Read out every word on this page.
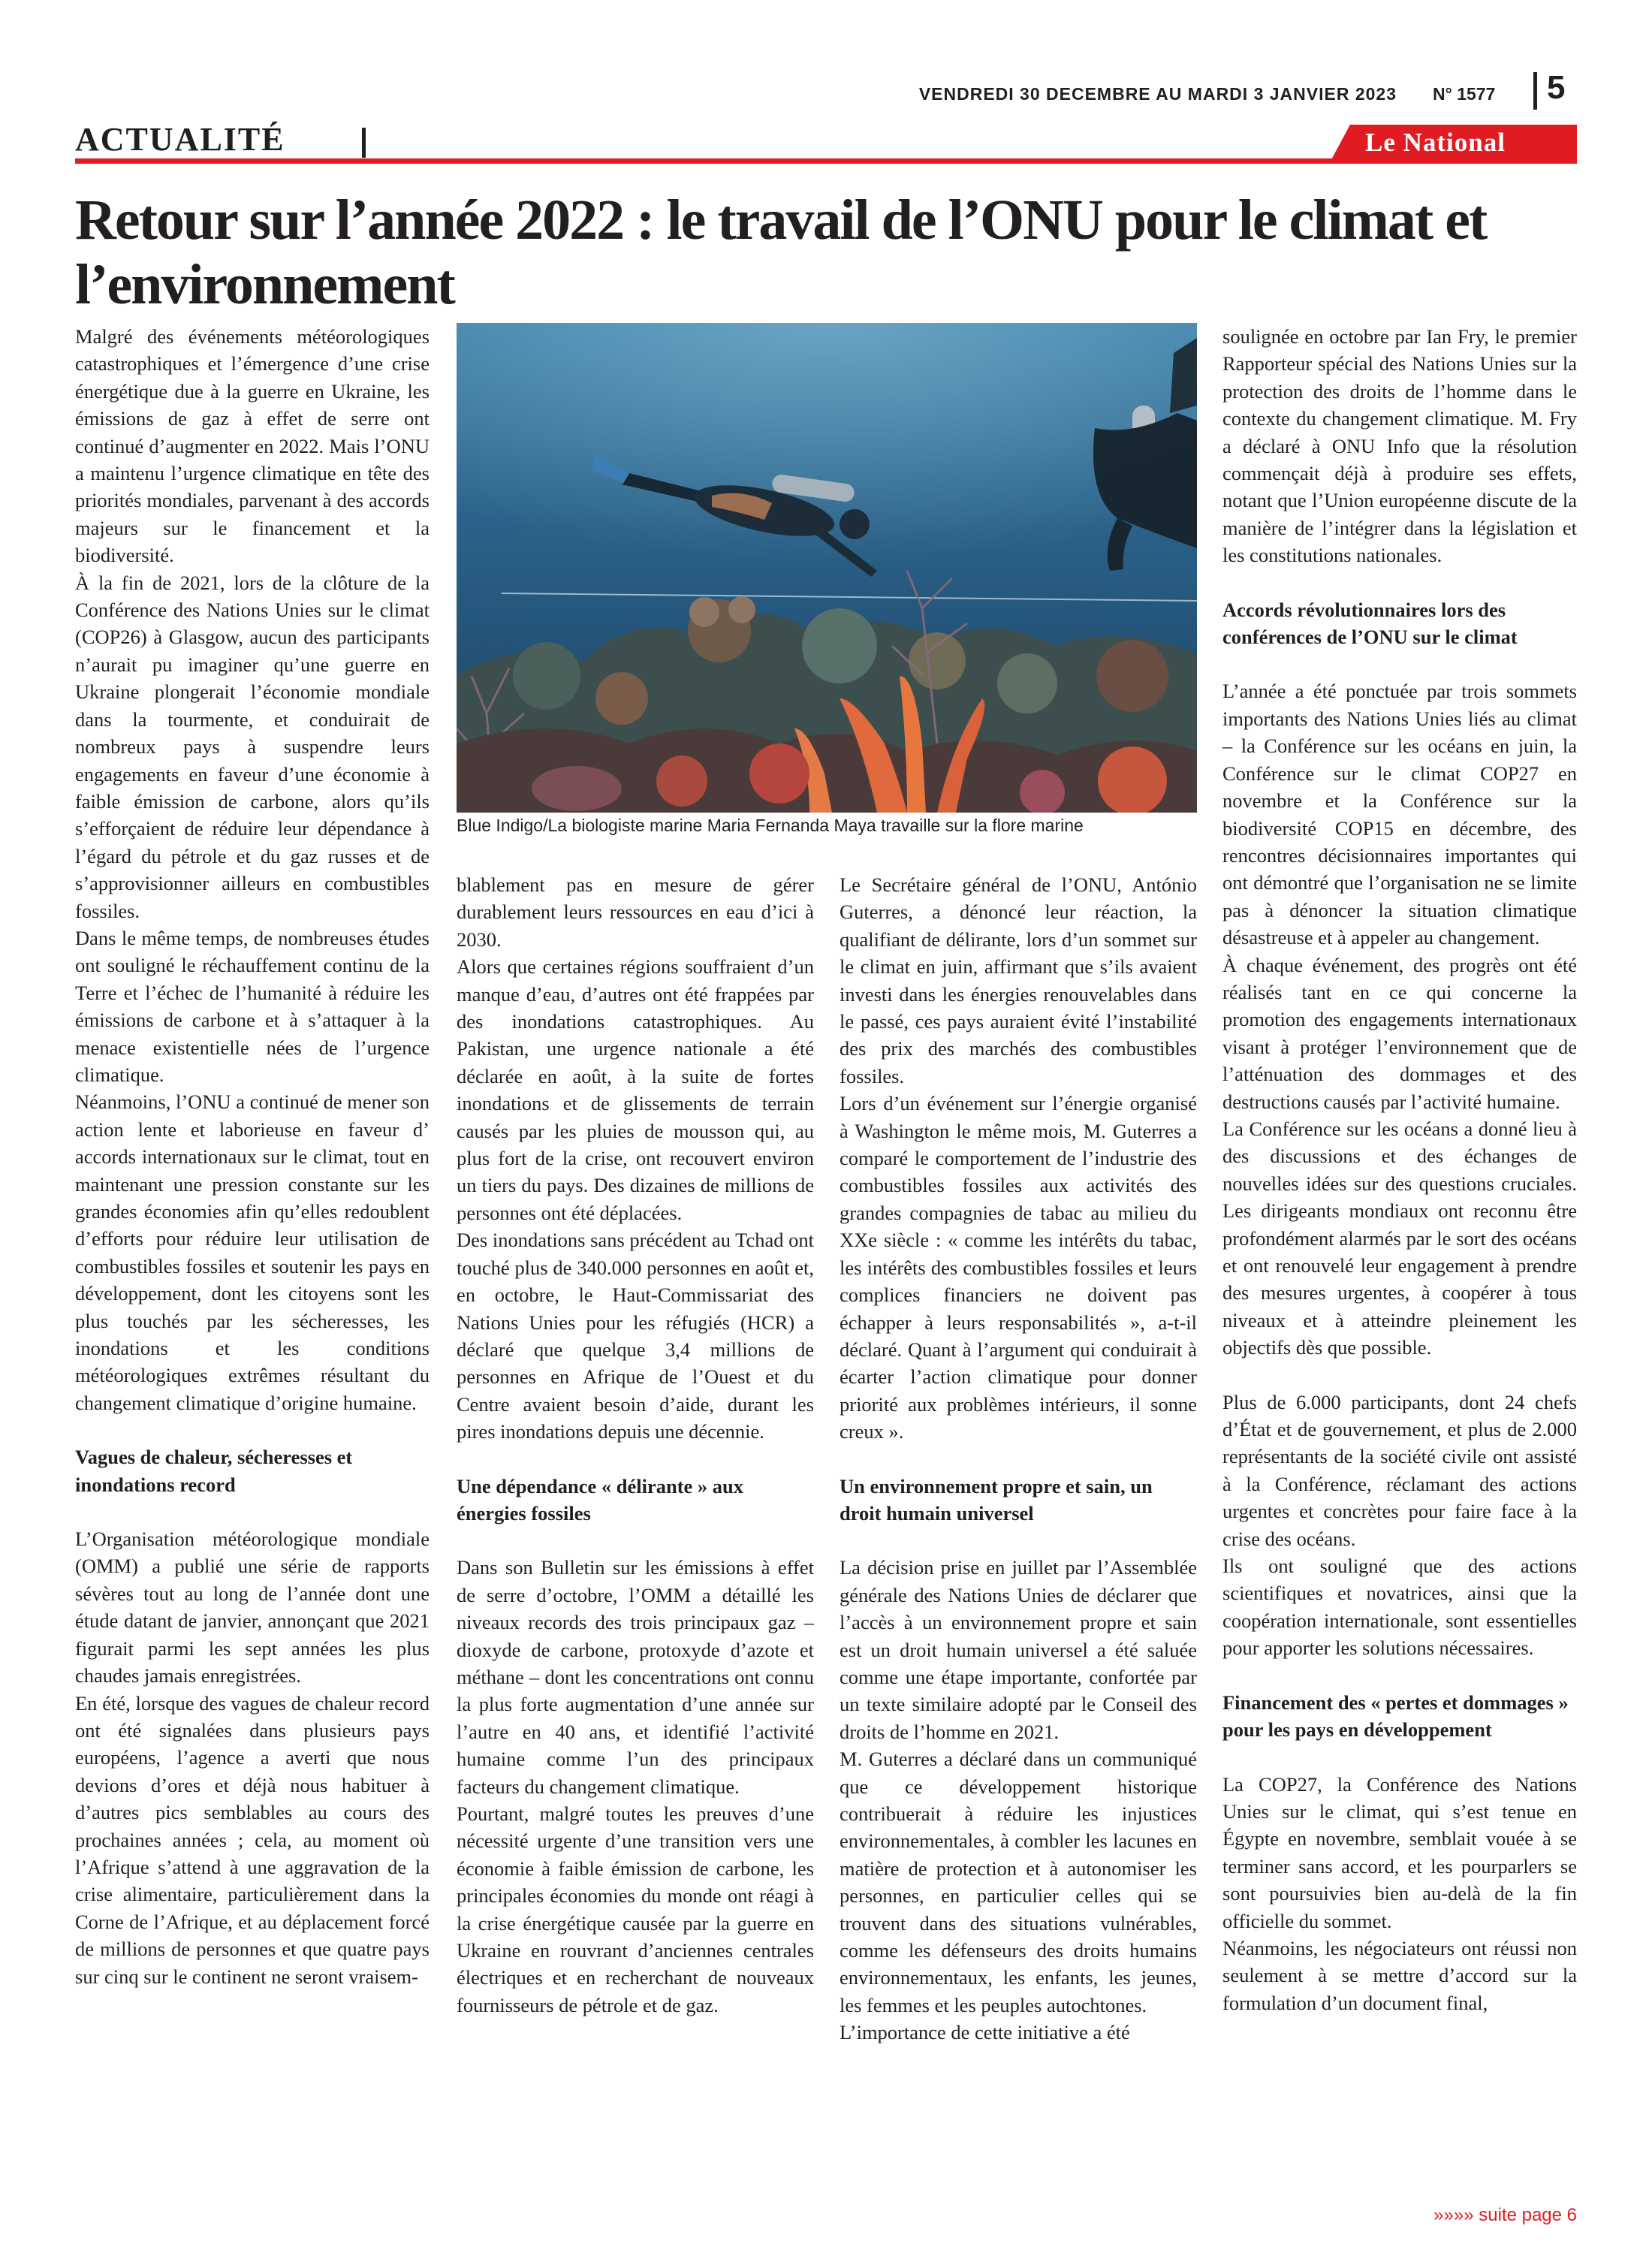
VENDREDI 30 DECEMBRE AU MARDI 3 JANVIER 2023 N° 1577 5
ACTUALITÉ	Le National
Retour sur l’année 2022 : le travail de l’ONU pour le climat et l’environnement

Malgré des événements météorologiques catastrophiques et l’émergence d’une crise énergétique due à la guerre en Ukraine, les émissions de gaz à effet de serre ont continué d’augmenter en 2022. Mais l’ONU a maintenu l’urgence climatique en tête des priorités mondiales, parvenant à des accords majeurs sur le financement et la biodiversité.

À la fin de 2021, lors de la clôture de la Conférence des Nations Unies sur le climat (COP26) à Glasgow, aucun des participants n’aurait pu imaginer qu’une guerre en Ukraine plongerait l’économie mondiale dans la tourmente, et conduirait de nombreux pays à suspendre leurs engagements en faveur d’une économie à faible émission de carbone, alors qu’ils s’efforçaient de réduire leur dépendance à l’égard du pétrole et du gaz russes et de s’approvisionner ailleurs en combustibles fossiles.

Dans le même temps, de nombreuses études ont souligné le réchauffement continu de la Terre et l’échec de l’humanité à réduire les émissions de carbone et à s’attaquer à la menace existentielle nées de l’urgence climatique.

Néanmoins, l’ONU a continué de mener son action lente et laborieuse en faveur d’ accords internationaux sur le climat, tout en maintenant une pression constante sur les grandes économies afin qu’elles redoublent d’efforts pour réduire leur utilisation de combustibles fossiles et soutenir les pays en développement, dont les citoyens sont les plus touchés par les sécheresses, les inondations et les conditions météorologiques extrêmes résultant du changement climatique d’origine humaine.

Vagues de chaleur, sécheresses et inondations record

L’Organisation météorologique mondiale (OMM) a publié une série de rapports sévères tout au long de l’année dont une étude datant de janvier, annonçant que 2021 figurait parmi les sept années les plus chaudes jamais enregistrées.

En été, lorsque des vagues de chaleur record ont été signalées dans plusieurs pays européens, l’agence a averti que nous devions d’ores et déjà nous habituer à d’autres pics semblables au cours des prochaines années ; cela, au moment où l’Afrique s’attend à une aggravation de la crise alimentaire, particulièrement dans la Corne de l’Afrique, et au déplacement forcé de millions de personnes et que quatre pays sur cinq sur le continent ne seront vraisem-

Blue Indigo/La biologiste marine Maria Fernanda Maya travaille sur la flore marine

blablement pas en mesure de gérer durablement leurs ressources en eau d’ici à 2030.

Alors que certaines régions souffraient d’un manque d’eau, d’autres ont été frappées par des inondations catastrophiques. Au Pakistan, une urgence nationale a été déclarée en août, à la suite de fortes inondations et de glissements de terrain causés par les pluies de mousson qui, au plus fort de la crise, ont recouvert environ un tiers du pays. Des dizaines de millions de personnes ont été déplacées.

Des inondations sans précédent au Tchad ont touché plus de 340.000 personnes en août et, en octobre, le Haut-Commissariat des Nations Unies pour les réfugiés (HCR) a déclaré que quelque 3,4 millions de personnes en Afrique de l’Ouest et du Centre avaient besoin d’aide, durant les pires inondations depuis une décennie.

Une dépendance « délirante » aux énergies fossiles

Dans son Bulletin sur les émissions à effet de serre d’octobre, l’OMM a détaillé les niveaux records des trois principaux gaz – dioxyde de carbone, protoxyde d’azote et méthane – dont les concentrations ont connu la plus forte augmentation d’une année sur l’autre en 40 ans, et identifié l’activité humaine comme l’un des principaux facteurs du changement climatique.

Pourtant, malgré toutes les preuves d’une nécessité urgente d’une transition vers une économie à faible émission de carbone, les principales économies du monde ont réagi à la crise énergétique causée par la guerre en Ukraine en rouvrant d’anciennes centrales électriques et en recherchant de nouveaux fournisseurs de pétrole et de gaz.

Le Secrétaire général de l’ONU, António Guterres, a dénoncé leur réaction, la qualifiant de délirante, lors d’un sommet sur le climat en juin, affirmant que s’ils avaient investi dans les énergies renouvelables dans le passé, ces pays auraient évité l’instabilité des prix des marchés des combustibles fossiles.

Lors d’un événement sur l’énergie organisé à Washington le même mois, M. Guterres a comparé le comportement de l’industrie des combustibles fossiles aux activités des grandes compagnies de tabac au milieu du XXe siècle : « comme les intérêts du tabac, les intérêts des combustibles fossiles et leurs complices financiers ne doivent pas échapper à leurs responsabilités », a-t-il déclaré. Quant à l’argument qui conduirait à écarter l’action climatique pour donner priorité aux problèmes intérieurs, il sonne creux ».

Un environnement propre et sain, un droit humain universel

La décision prise en juillet par l’Assemblée générale des Nations Unies de déclarer que l’accès à un environnement propre et sain est un droit humain universel a été saluée comme une étape importante, confortée par un texte similaire adopté par le Conseil des droits de l’homme en 2021.

M. Guterres a déclaré dans un communiqué que ce développement historique contribuerait à réduire les injustices environnementales, à combler les lacunes en matière de protection et à autonomiser les personnes, en particulier celles qui se trouvent dans des situations vulnérables, comme les défenseurs des droits humains environnementaux, les enfants, les jeunes, les femmes et les peuples autochtones.

L’importance de cette initiative a été

soulignée en octobre par Ian Fry, le premier Rapporteur spécial des Nations Unies sur la protection des droits de l’homme dans le contexte du changement climatique. M. Fry a déclaré à ONU Info que la résolution commençait déjà à produire ses effets, notant que l’Union européenne discute de la manière de l’intégrer dans la législation et les constitutions nationales.

Accords révolutionnaires lors des conférences de l’ONU sur le climat

L’année a été ponctuée par trois sommets importants des Nations Unies liés au climat – la Conférence sur les océans en juin, la Conférence sur le climat COP27 en novembre et la Conférence sur la biodiversité COP15 en décembre, des rencontres décisionnaires importantes qui ont démontré que l’organisation ne se limite pas à dénoncer la situation climatique désastreuse et à appeler au changement.

À chaque événement, des progrès ont été réalisés tant en ce qui concerne la promotion des engagements internationaux visant à protéger l’environnement que de l’atténuation des dommages et des destructions causés par l’activité humaine.

La Conférence sur les océans a donné lieu à des discussions et des échanges de nouvelles idées sur des questions cruciales. Les dirigeants mondiaux ont reconnu être profondément alarmés par le sort des océans et ont renouvelé leur engagement à prendre des mesures urgentes, à coopérer à tous niveaux et à atteindre pleinement les objectifs dès que possible.

Plus de 6.000 participants, dont 24 chefs d’État et de gouvernement, et plus de 2.000 représentants de la société civile ont assisté à la Conférence, réclamant des actions urgentes et concrètes pour faire face à la crise des océans.

Ils ont souligné que des actions scientifiques et novatrices, ainsi que la coopération internationale, sont essentielles pour apporter les solutions nécessaires.

Financement des « pertes et dommages » pour les pays en développement

La COP27, la Conférence des Nations Unies sur le climat, qui s’est tenue en Égypte en novembre, semblait vouée à se terminer sans accord, et les pourparlers se sont poursuivies bien au-delà de la fin officielle du sommet.

Néanmoins, les négociateurs ont réussi non seulement à se mettre d’accord sur la formulation d’un document final,

»»»» suite page 6
